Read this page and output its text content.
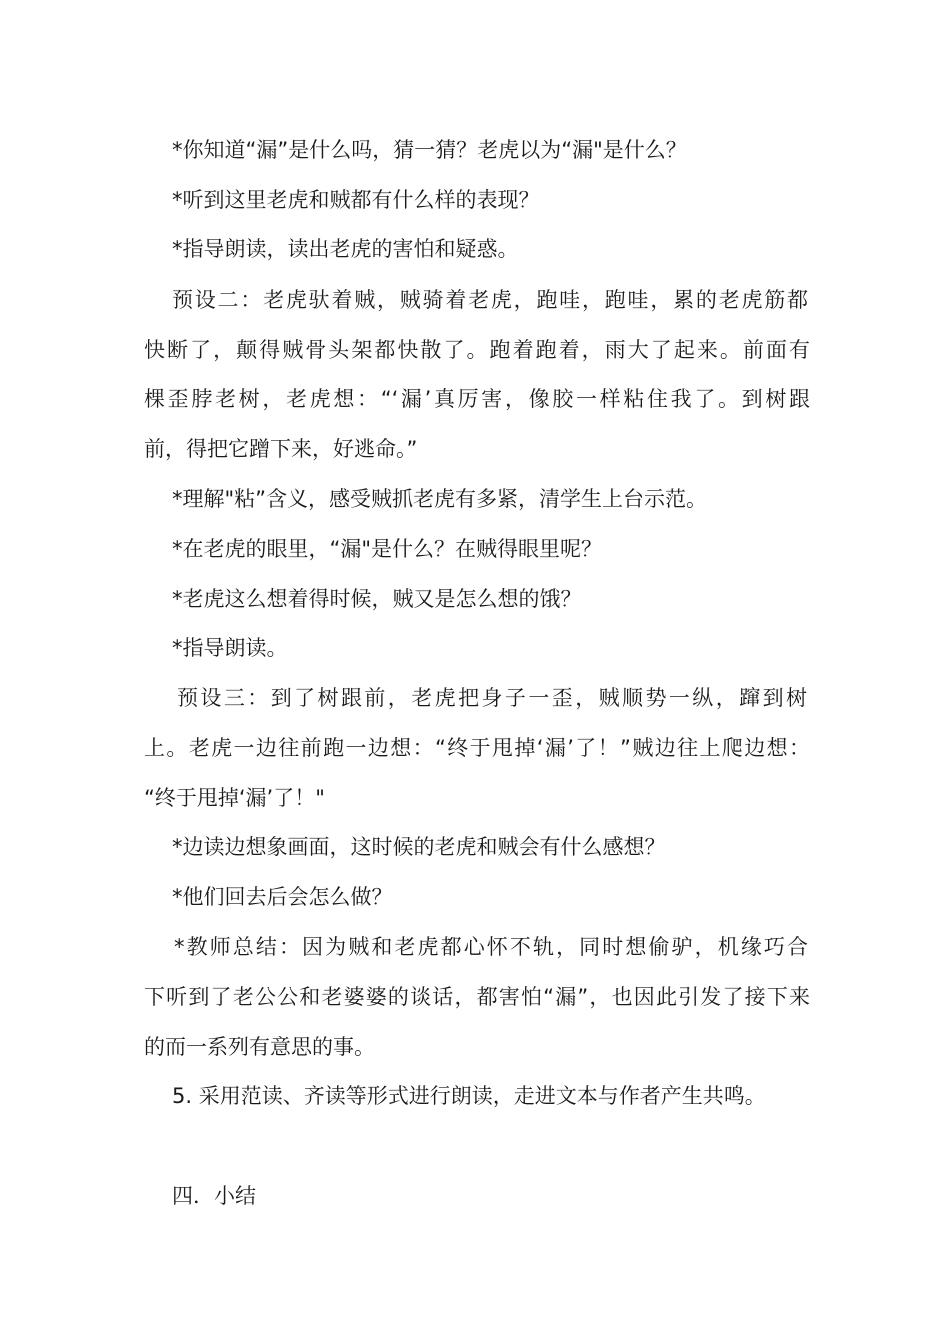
*你知道“漏”是什么吗，猜一猜？老虎以为“漏"是什么？
*听到这里老虎和贼都有什么样的表现？
*指导朗读，读出老虎的害怕和疑惑。
预设二：老虎驮着贼，贼骑着老虎，跑哇，跑哇，累的老虎筋都
快断了，颠得贼骨头架都快散了。跑着跑着，雨大了起来。前面有
棵歪脖老树，老虎想：“‘漏’真厉害，像胶一样粘住我了。到树跟
前，得把它蹭下来，好逃命。”
*理解"粘”含义，感受贼抓老虎有多紧，清学生上台示范。
*在老虎的眼里，“漏"是什么？在贼得眼里呢？
*老虎这么想着得时候，贼又是怎么想的饿？
*指导朗读。
预设三：到了树跟前，老虎把身子一歪，贼顺势一纵，蹿到树
上。老虎一边往前跑一边想：“终于甩掉‘漏’了！”贼边往上爬边想：
“终于甩掉‘漏’了！"
*边读边想象画面，这时候的老虎和贼会有什么感想？
*他们回去后会怎么做？
*教师总结：因为贼和老虎都心怀不轨，同时想偷驴，机缘巧合
下听到了老公公和老婆婆的谈话，都害怕“漏”，也因此引发了接下来
的而一系列有意思的事。
5. 采用范读、齐读等形式进行朗读，走进文本与作者产生共鸣。
四．小结
